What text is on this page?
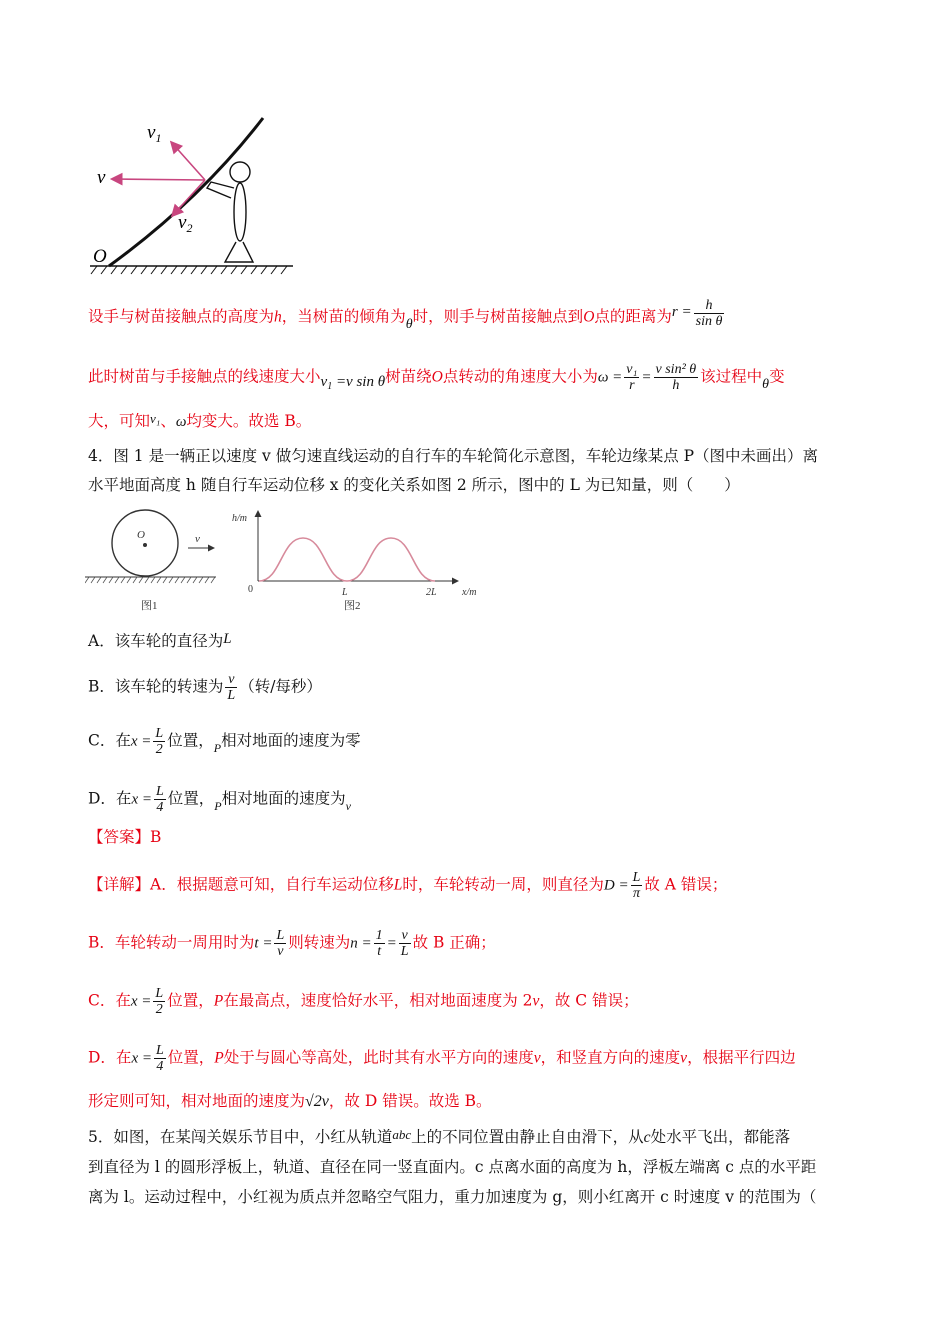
$v_1$
v
$v_2$
O
设手与树苗接触点的高度为h，当树苗的倾角为θ时，则手与树苗接触点到O点的距离为$r = \frac{h}{\text{sin θ}}$
此时树苗与手接触点的线速度大小$v_1 =v$ sin θ树苗绕O点转动的角速度大小为$\omega = \frac{\text{v₁}}{r} = \frac{\text{v sin² θ}}{h}$ 该过程中θ变
大，可知v₁、ω均变大。故选 B。
4．图 1 是一辆正以速度 v 做匀速直线运动的自行车的车轮简化示意图，车轮边缘某点 P（图中未画出）离
水平地面高度 h 随自行车运动位移 x 的变化关系如图 2 所示，图中的 L 为已知量，则（　　）
O	v
图1
h/m
x/m
0	L	2L
图2
A．该车轮的直径为L
B．该车轮的转速为 $\frac{v}{L}$ （转/每秒）
C．在$x = \frac{L}{2}$ 位置，$_P$相对地面的速度为零
D．在$x = \frac{L}{4}$ 位置，$_P$相对地面的速度为$_v$
【答案】B
【详解】A．根据题意可知，自行车运动位移L时，车轮转动一周，则直径为$D = \frac{L}{\pi}$ 故 A 错误；
B．车轮转动一周用时为$t = \frac{L}{v}$ 则转速为$n = \frac{1}{t} = \frac{v}{L}$ 故 B 正确；
C．在$x = \frac{L}{2}$ 位置，P在最高点，速度恰好水平，相对地面速度为 2v，故 C 错误；
D．在$x = \frac{L}{4}$ 位置，P处于与圆心等高处，此时其有水平方向的速度v，和竖直方向的速度v，根据平行四边
形定则可知，相对地面的速度为√2v，故 D 错误。故选 B。
5．如图，在某闯关娱乐节目中，小红从轨道abc上的不同位置由静止自由滑下，从c处水平飞出，都能落
到直径为 l 的圆形浮板上，轨道、直径在同一竖直面内。c 点离水面的高度为 h，浮板左端离 c 点的水平距
离为 l。运动过程中，小红视为质点并忽略空气阻力，重力加速度为 g，则小红离开 c 时速度 v 的范围为（
